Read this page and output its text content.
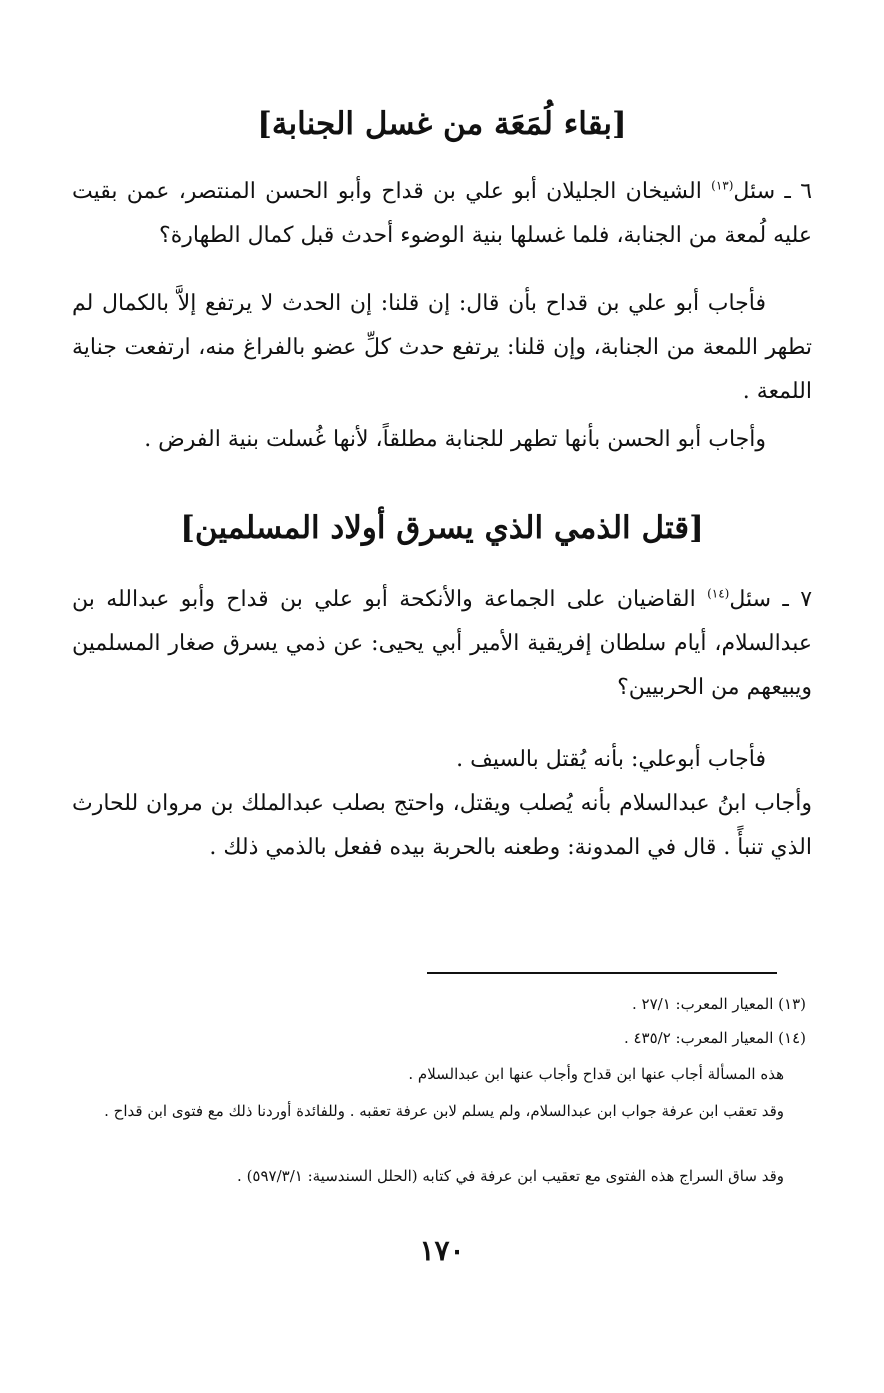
[بقاء لُمَعَة من غسل الجنابة]

٦ ـ سئل$^{(١٣)}$ الشيخان الجليلان أبو علي بن قداح وأبو الحسن المنتصر، عمن بقيت عليه لُمعة من الجنابة، فلما غسلها بنية الوضوء أحدث قبل كمال الطهارة؟

فأجاب أبو علي بن قداح بأن قال: إن قلنا: إن الحدث لا يرتفع إلاَّ بالكمال لم تطهر اللمعة من الجنابة، وإن قلنا: يرتفع حدث كلِّ عضو بالفراغ منه، ارتفعت جناية اللمعة .

وأجاب أبو الحسن بأنها تطهر للجنابة مطلقاً، لأنها غُسلت بنية الفرض .

[قتل الذمي الذي يسرق أولاد المسلمين]

٧ ـ سئل$^{(١٤)}$ القاضيان على الجماعة والأنكحة أبو علي بن قداح وأبو عبدالله بن عبدالسلام، أيام سلطان إفريقية الأمير أبي يحيى: عن ذمي يسرق صغار المسلمين ويبيعهم من الحربيين؟

فأجاب أبوعلي: بأنه يُقتل بالسيف .

وأجاب ابنُ عبدالسلام بأنه يُصلب ويقتل، واحتج بصلب عبدالملك بن مروان للحارث الذي تنبأً . قال في المدونة: وطعنه بالحربة بيده ففعل بالذمي ذلك .

(١٣) المعيار المعرب: ٢٧/١ .
(١٤) المعيار المعرب: ٤٣٥/٢ .
هذه المسألة أجاب عنها ابن قداح وأجاب عنها ابن عبدالسلام .
وقد تعقب ابن عرفة جواب ابن عبدالسلام، ولم يسلم لابن عرفة تعقبه . وللفائدة أوردنا ذلك مع فتوى ابن قداح .
وقد ساق السراج هذه الفتوى مع تعقيب ابن عرفة في كتابه (الحلل السندسية: ٥٩٧/٣/١) .
١٧٠
